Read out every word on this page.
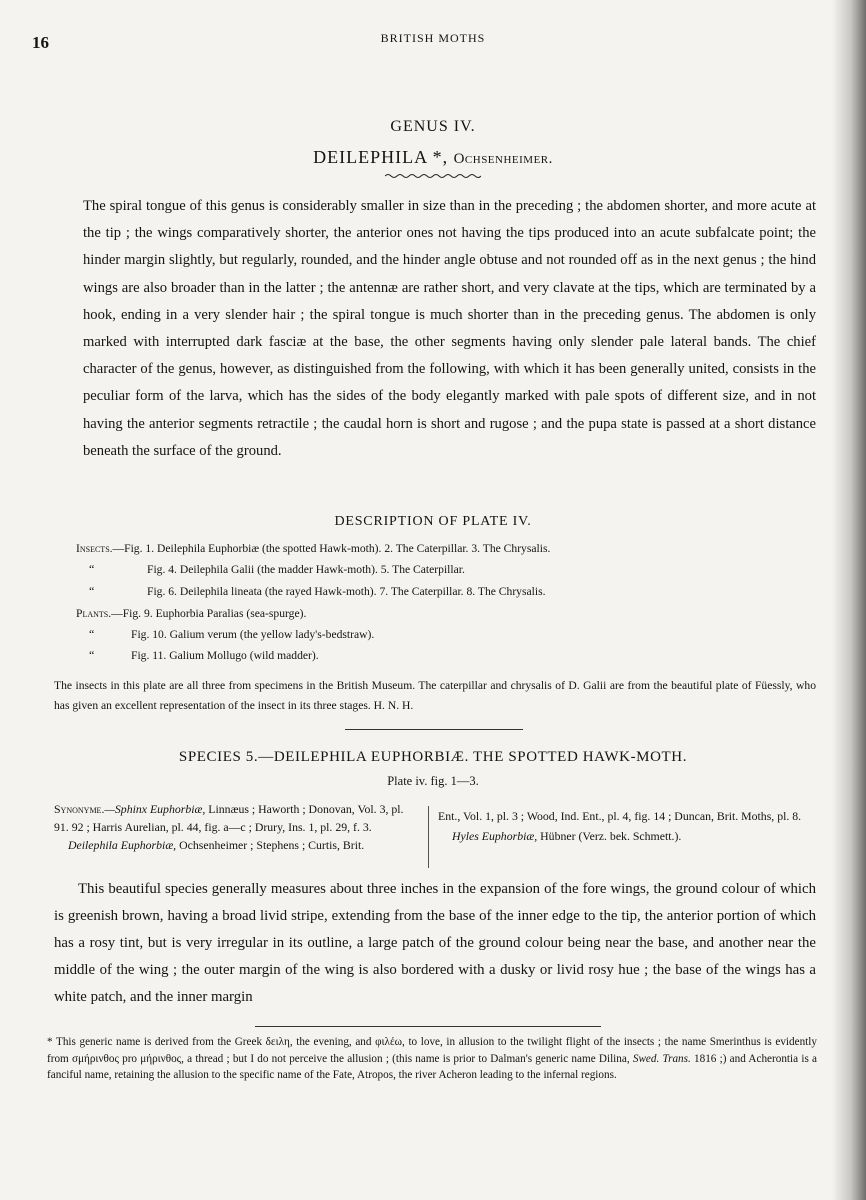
16	BRITISH MOTHS
GENUS IV.
DEILEPHILA *, Ochsenheimer.
The spiral tongue of this genus is considerably smaller in size than in the preceding ; the abdomen shorter, and more acute at the tip ; the wings comparatively shorter, the anterior ones not having the tips produced into an acute subfalcate point; the hinder margin slightly, but regularly, rounded, and the hinder angle obtuse and not rounded off as in the next genus ; the hind wings are also broader than in the latter ; the antennæ are rather short, and very clavate at the tips, which are terminated by a hook, ending in a very slender hair ; the spiral tongue is much shorter than in the preceding genus. The abdomen is only marked with interrupted dark fasciæ at the base, the other segments having only slender pale lateral bands. The chief character of the genus, however, as distinguished from the following, with which it has been generally united, consists in the peculiar form of the larva, which has the sides of the body elegantly marked with pale spots of different size, and in not having the anterior segments retractile ; the caudal horn is short and rugose ; and the pupa state is passed at a short distance beneath the surface of the ground.
DESCRIPTION OF PLATE IV.
Insects.—Fig. 1. Deilephila Euphorbiæ (the spotted Hawk-moth). 2. The Caterpillar. 3. The Chrysalis.
“	Fig. 4. Deilephila Galii (the madder Hawk-moth). 5. The Caterpillar.
“	Fig. 6. Deilephila lineata (the rayed Hawk-moth). 7. The Caterpillar. 8. The Chrysalis.
Plants.—Fig. 9. Euphorbia Paralias (sea-spurge).
“	Fig. 10. Galium verum (the yellow lady's-bedstraw).
“	Fig. 11. Galium Mollugo (wild madder).
The insects in this plate are all three from specimens in the British Museum. The caterpillar and chrysalis of D. Galii are from the beautiful plate of Füessly, who has given an excellent representation of the insect in its three stages. H. N. H.
SPECIES 5.—DEILEPHILA EUPHORBIÆ. THE SPOTTED HAWK-MOTH.
Plate iv. fig. 1—3.
Synonyme.—Sphinx Euphorbiæ, Linnæus ; Haworth ; Donovan, Vol. 3, pl. 91. 92 ; Harris Aurelian, pl. 44, fig. a—c ; Drury, Ins. 1, pl. 29, f. 3.
Deilephila Euphorbiæ, Ochsenheimer ; Stephens ; Curtis, Brit.
Ent., Vol. 1, pl. 3 ; Wood, Ind. Ent., pl. 4, fig. 14 ; Duncan, Brit. Moths, pl. 8.
Hyles Euphorbiæ, Hübner (Verz. bek. Schmett.).
This beautiful species generally measures about three inches in the expansion of the fore wings, the ground colour of which is greenish brown, having a broad livid stripe, extending from the base of the inner edge to the tip, the anterior portion of which has a rosy tint, but is very irregular in its outline, a large patch of the ground colour being near the base, and another near the middle of the wing ; the outer margin of the wing is also bordered with a dusky or livid rosy hue ; the base of the wings has a white patch, and the inner margin
* This generic name is derived from the Greek δειλη, the evening, and φιλέω, to love, in allusion to the twilight flight of the insects ; the name Smerinthus is evidently from σμήρινθος pro μήρινθος, a thread ; but I do not perceive the allusion ; (this name is prior to Dalman's generic name Dilina, Swed. Trans. 1816 ;) and Acherontia is a fanciful name, retaining the allusion to the specific name of the Fate, Atropos, the river Acheron leading to the infernal regions.
